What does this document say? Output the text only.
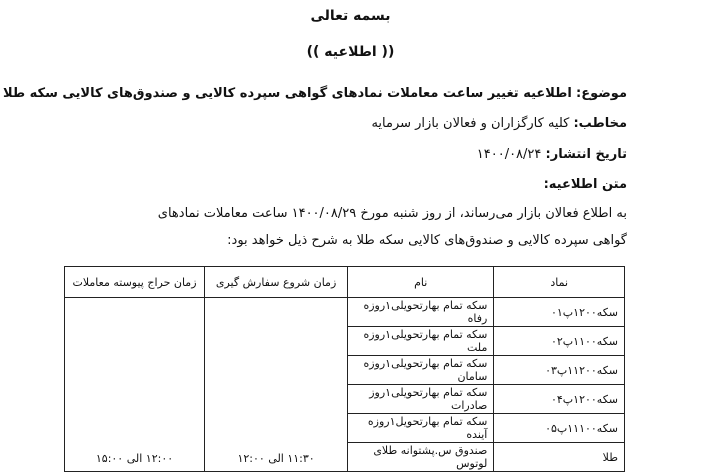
بسمه تعالی
(( اطلاعیه ))
موضوع: اطلاعیه تغییر ساعت معاملات نمادهای گواهی سپرده کالایی و صندوق‌های کالایی سکه طلا
مخاطب: کلیه کارگزاران و فعالان بازار سرمایه
تاریخ انتشار: ۱۴۰۰/۰۸/۲۴
متن اطلاعیه:
به اطلاع فعالان بازار می‌رساند، از روز شنبه مورخ ۱۴۰۰/۰۸/۲۹ ساعت معاملات نمادهای
گواهی سپرده کالایی و صندوق‌های کالایی سکه طلا به شرح ذیل خواهد بود:
نماد	نام	زمان شروع سفارش گیری	زمان حراج پیوسته معاملات
سکه۱۲۰۰پ۰۱	سکه تمام بهارتحویلی۱روزه رفاه	۱۱:۳۰ الی ۱۲:۰۰	۱۲:۰۰ الی ۱۵:۰۰
سکه۱۱۰۰پ۰۲	سکه تمام بهارتحویلی۱روزه ملت		
سکه۱۱۲۰۰پ۰۳	سکه تمام بهارتحویلی۱روزه سامان		
سکه۱۲۰۰پ۰۴	سکه تمام بهارتحویلی۱روز صادرات		
سکه۱۱۱۰۰پ۰۵	سکه تمام بهارتحویل۱روزه آینده		
طلا	صندوق س.پشتوانه طلای لوتوس		
